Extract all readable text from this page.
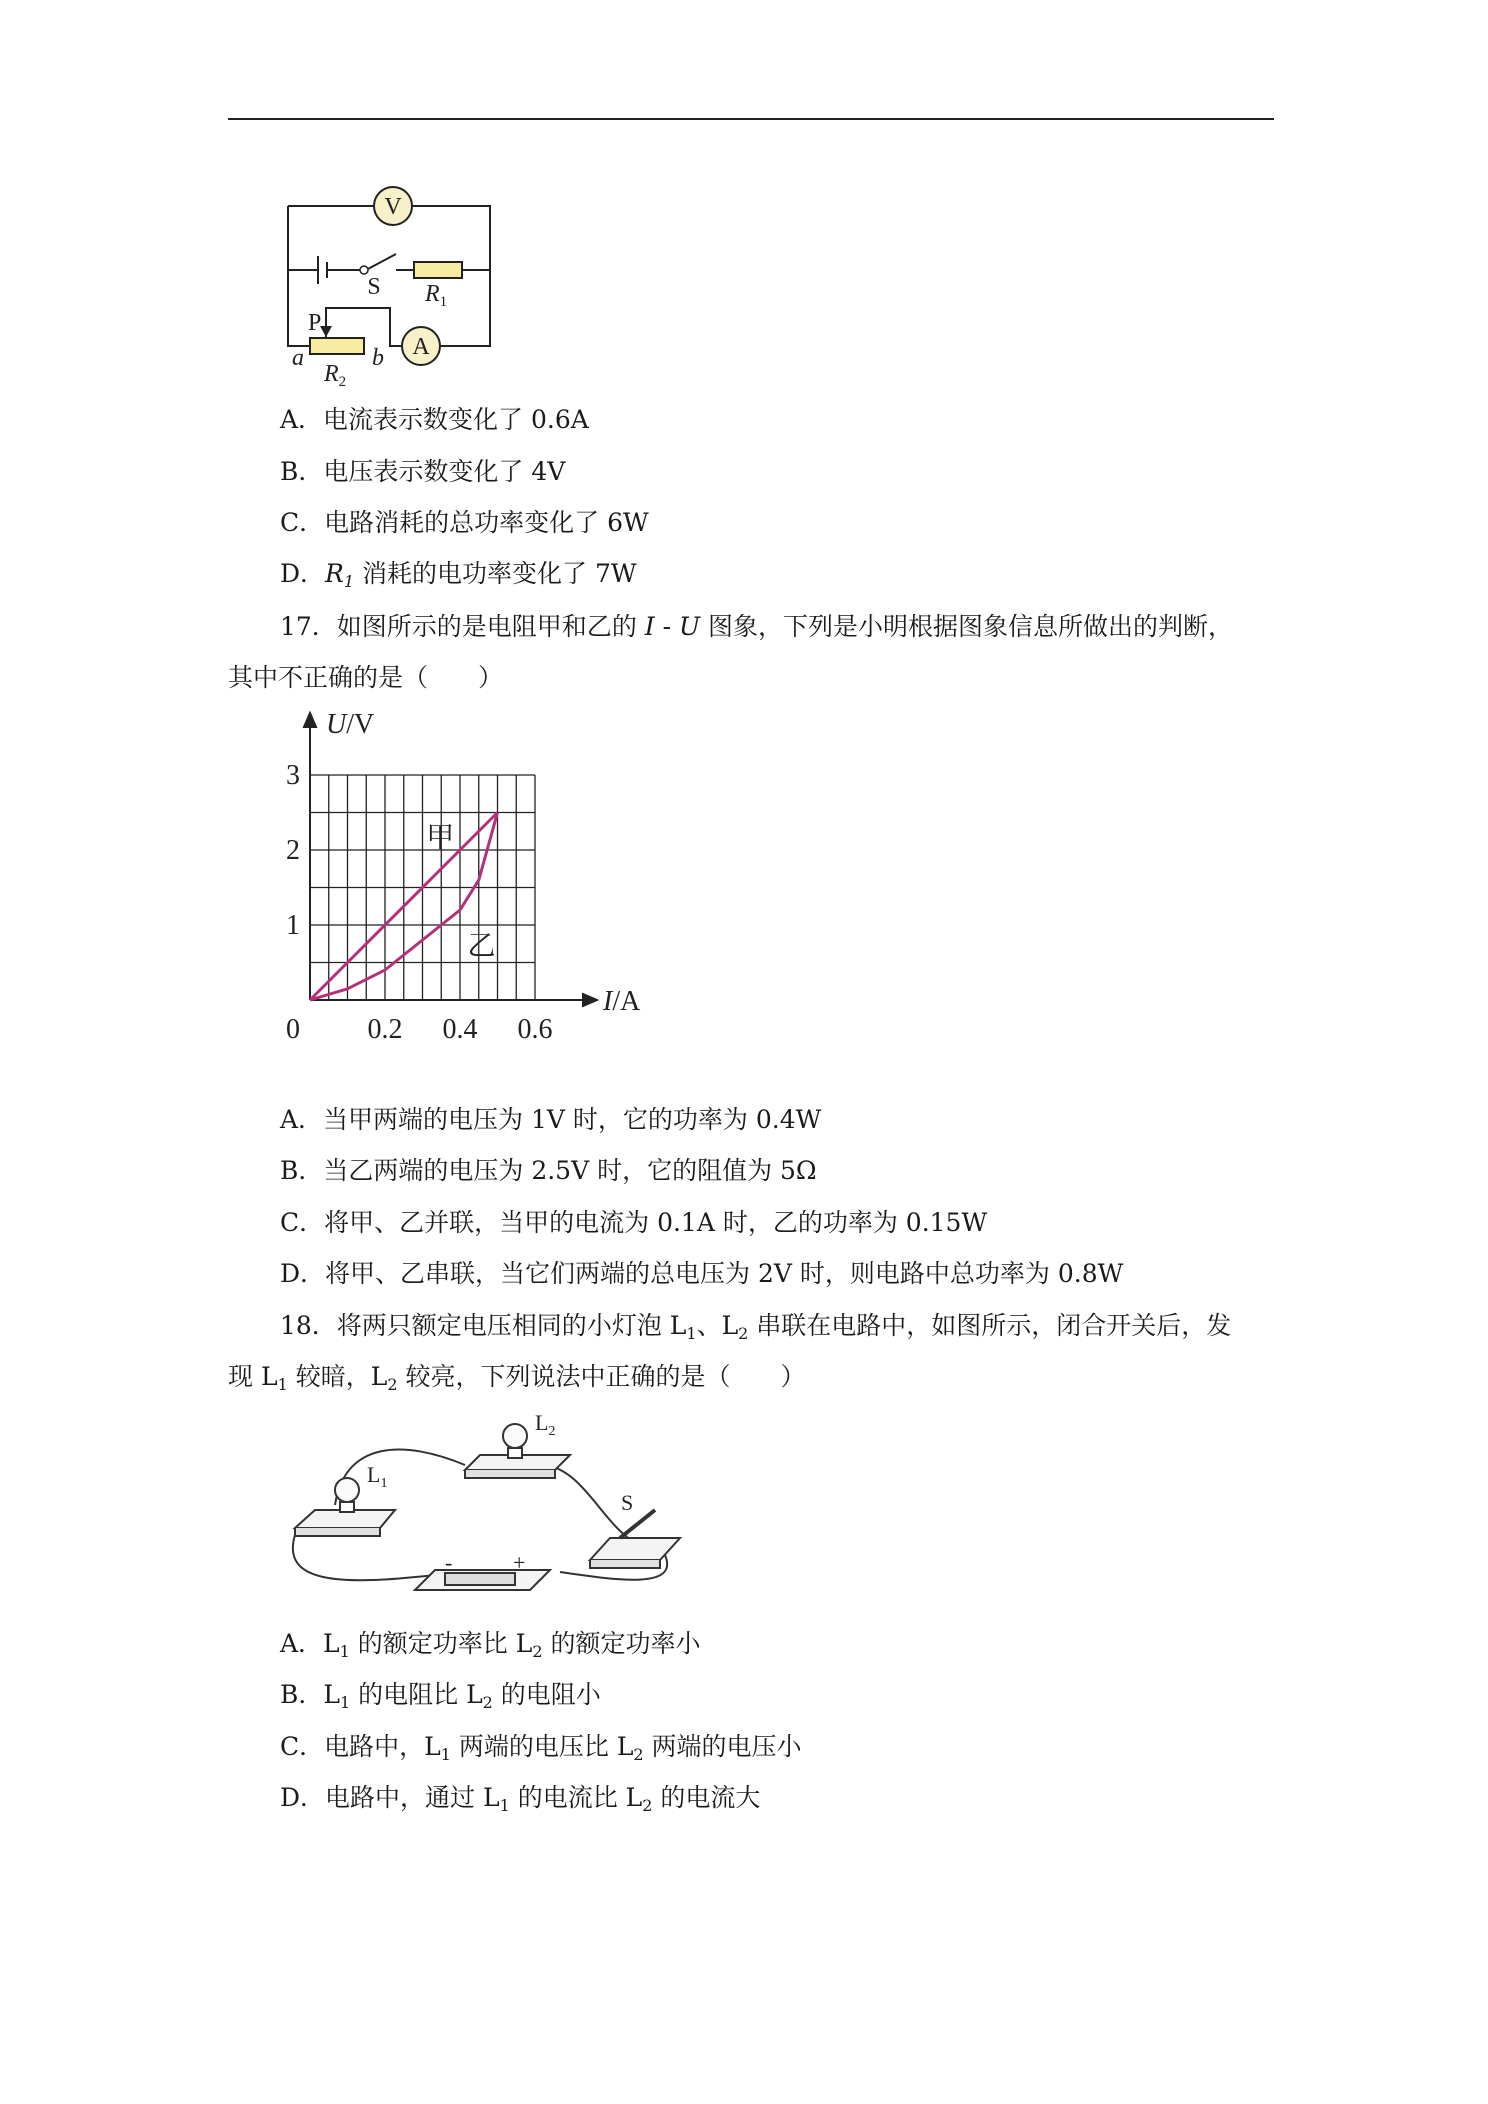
V
A
S $R_1$
P
a	b
$R_2$
A．电流表示数变化了 0.6A
B．电压表示数变化了 4V
C．电路消耗的总功率变化了 6W
D．$R_1$ 消耗的电功率变化了 7W
17．如图所示的是电阻甲和乙的 I - U 图象，下列是小明根据图象信息所做出的判断，
其中不正确的是（　　）
0.2 0.4 0.6
1
2
3
0
I/A
U/V
甲
乙
A．当甲两端的电压为 1V 时，它的功率为 0.4W
B．当乙两端的电压为 2.5V 时，它的阻值为 5Ω
C．将甲、乙并联，当甲的电流为 0.1A 时，乙的功率为 0.15W
D．将甲、乙串联，当它们两端的总电压为 2V 时，则电路中总功率为 0.8W
18．将两只额定电压相同的小灯泡 $L_1$、$L_2$ 串联在电路中，如图所示，闭合开关后，发
现 $L_1$ 较暗，$L_2$ 较亮，下列说法中正确的是（　　）
$L_1$
$L_2$
S
-	+
A．$L_1$ 的额定功率比 $L_2$ 的额定功率小
B．$L_1$ 的电阻比 $L_2$ 的电阻小
C．电路中，$L_1$ 两端的电压比 $L_2$ 两端的电压小
D．电路中，通过 $L_1$ 的电流比 $L_2$ 的电流大
